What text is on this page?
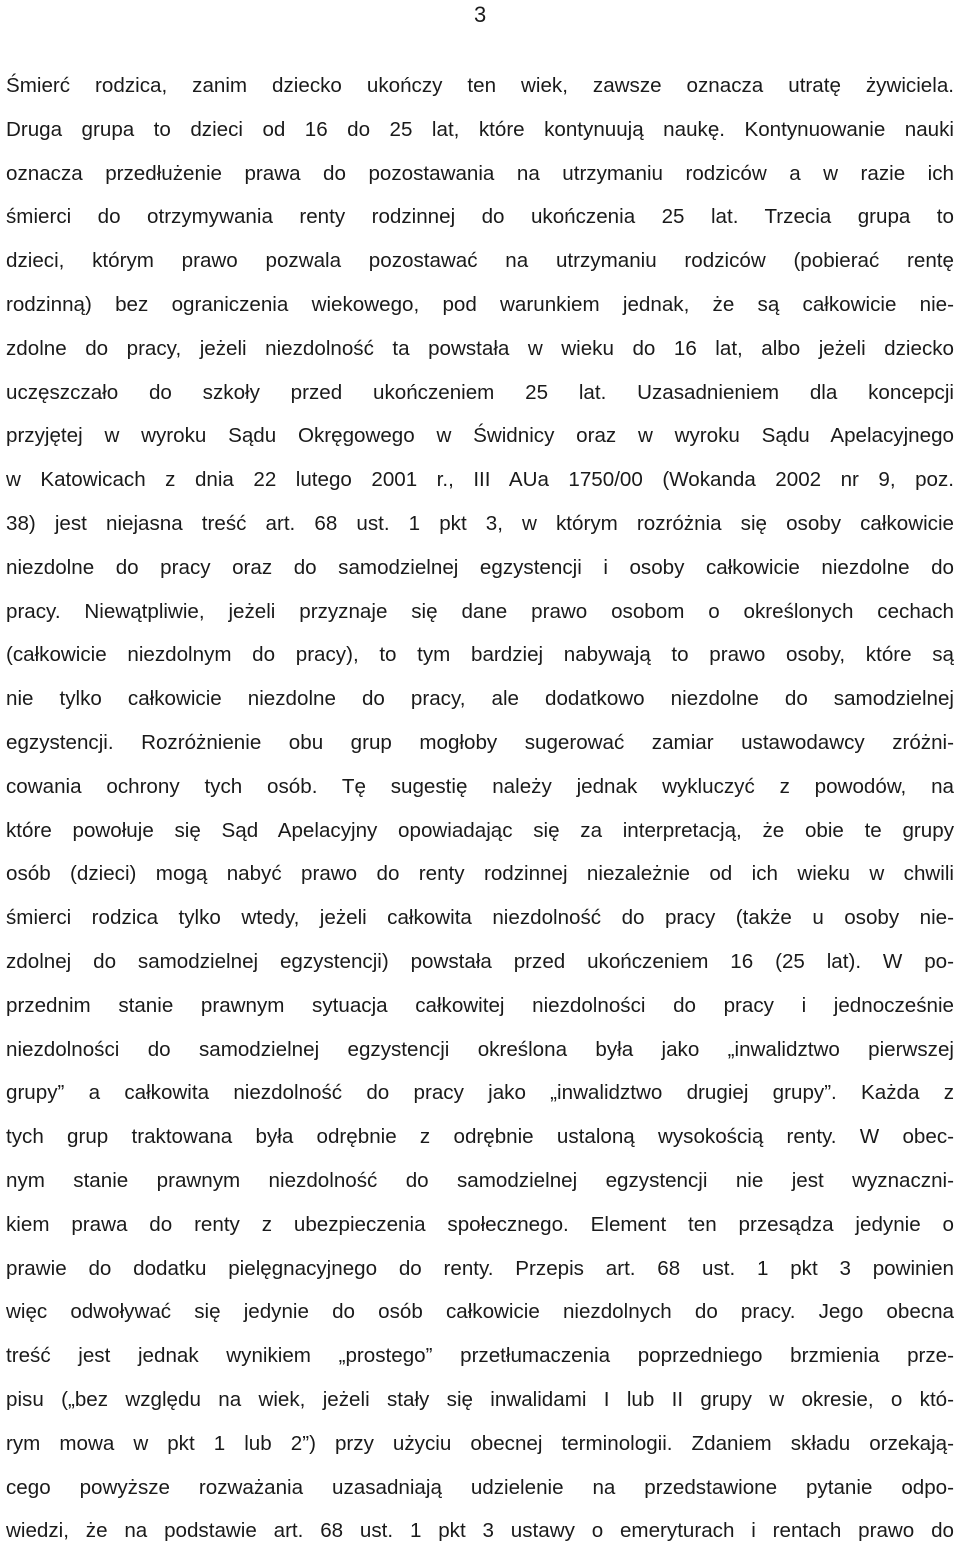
3
Śmierć rodzica, zanim dziecko ukończy ten wiek, zawsze oznacza utratę żywiciela.
Druga grupa to dzieci od 16 do 25 lat, które kontynuują naukę. Kontynuowanie nauki
oznacza przedłużenie prawa do pozostawania na utrzymaniu rodziców a w razie ich
śmierci do otrzymywania renty rodzinnej do ukończenia 25 lat. Trzecia grupa to
dzieci, którym prawo pozwala pozostawać na utrzymaniu rodziców (pobierać rentę
rodzinną) bez ograniczenia wiekowego, pod warunkiem jednak, że są całkowicie nie-
zdolne do pracy, jeżeli niezdolność ta powstała w wieku do 16 lat, albo jeżeli dziecko
uczęszczało do szkoły przed ukończeniem 25 lat. Uzasadnieniem dla koncepcji
przyjętej w wyroku Sądu Okręgowego w Świdnicy oraz w wyroku Sądu Apelacyjnego
w Katowicach z dnia 22 lutego 2001 r., III AUa 1750/00 (Wokanda 2002 nr 9, poz.
38) jest niejasna treść art. 68 ust. 1 pkt 3, w którym rozróżnia się osoby całkowicie
niezdolne do pracy oraz do samodzielnej egzystencji i osoby całkowicie niezdolne do
pracy. Niewątpliwie, jeżeli przyznaje się dane prawo osobom o określonych cechach
(całkowicie niezdolnym do pracy), to tym bardziej nabywają to prawo osoby, które są
nie tylko całkowicie niezdolne do pracy, ale dodatkowo niezdolne do samodzielnej
egzystencji. Rozróżnienie obu grup mogłoby sugerować zamiar ustawodawcy zróżni-
cowania ochrony tych osób. Tę sugestię należy jednak wykluczyć z powodów, na
które powołuje się Sąd Apelacyjny opowiadając się za interpretacją, że obie te grupy
osób (dzieci) mogą nabyć prawo do renty rodzinnej niezależnie od ich wieku w chwili
śmierci rodzica tylko wtedy, jeżeli całkowita niezdolność do pracy (także u osoby nie-
zdolnej do samodzielnej egzystencji) powstała przed ukończeniem 16 (25 lat). W po-
przednim stanie prawnym sytuacja całkowitej niezdolności do pracy i jednocześnie
niezdolności do samodzielnej egzystencji określona była jako „inwalidztwo pierwszej
grupy” a całkowita niezdolność do pracy jako „inwalidztwo drugiej grupy”. Każda z
tych grup traktowana była odrębnie z odrębnie ustaloną wysokością renty. W obec-
nym stanie prawnym niezdolność do samodzielnej egzystencji nie jest wyznaczni-
kiem prawa do renty z ubezpieczenia społecznego. Element ten przesądza jedynie o
prawie do dodatku pielęgnacyjnego do renty. Przepis art. 68 ust. 1 pkt 3 powinien
więc odwoływać się jedynie do osób całkowicie niezdolnych do pracy. Jego obecna
treść jest jednak wynikiem „prostego” przetłumaczenia poprzedniego brzmienia prze-
pisu („bez względu na wiek, jeżeli stały się inwalidami I lub II grupy w okresie, o któ-
rym mowa w pkt 1 lub 2”) przy użyciu obecnej terminologii. Zdaniem składu orzekają-
cego powyższe rozważania uzasadniają udzielenie na przedstawione pytanie odpo-
wiedzi, że na podstawie art. 68 ust. 1 pkt 3 ustawy o emeryturach i rentach prawo do
